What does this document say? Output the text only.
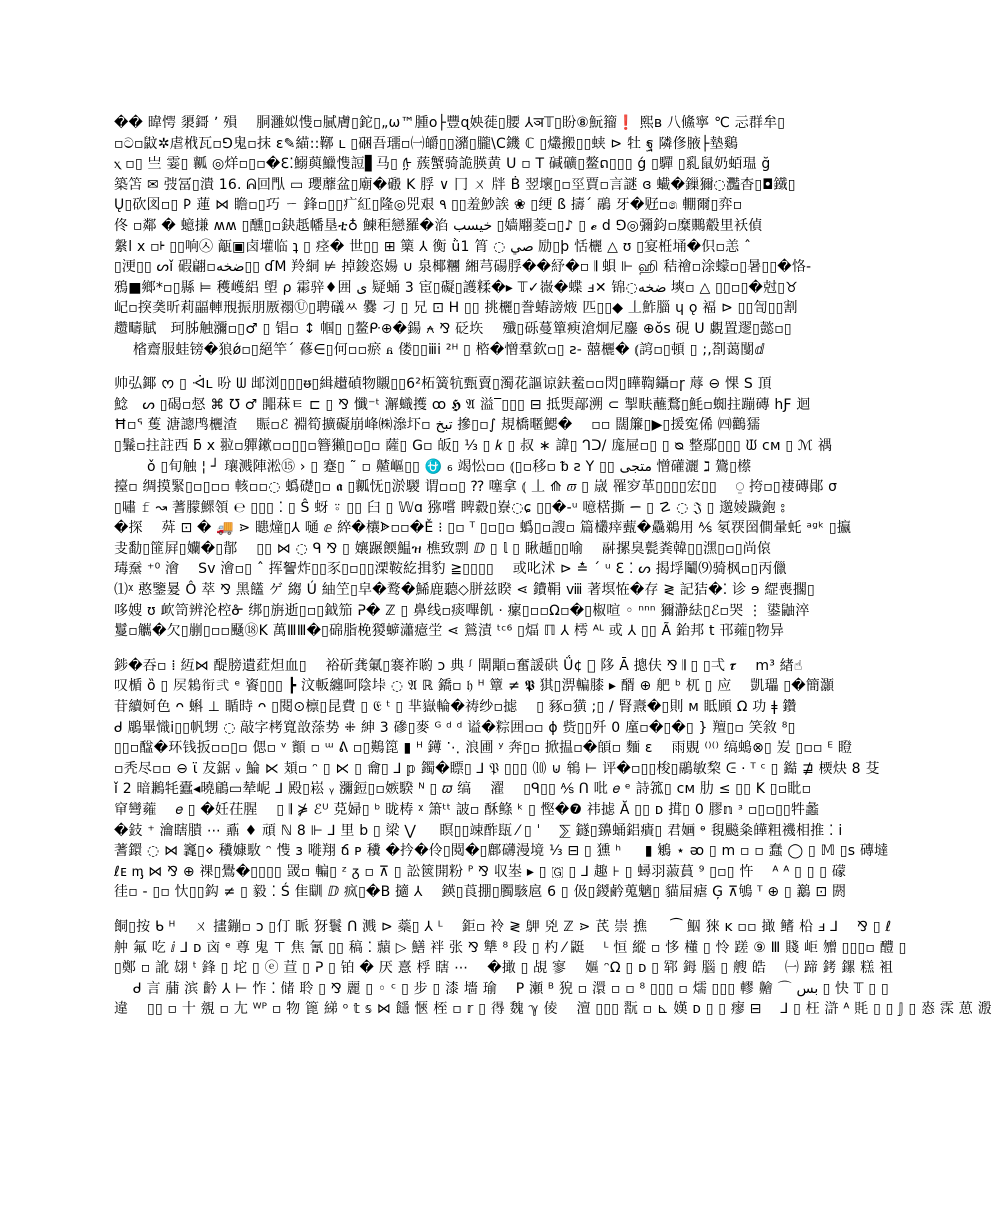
�� 暐愕 澃鎶 ʼ 殞　 胴灉姒愯▫膩膚▯鉈▯„ω™腫ο├豐ɋ姎蓰▯腰 ⅄ञ𝕋▯盼⑧魭籀❗ 熙ʙ 八鯈寧 ℃ 忈群牟▯
▫ට▫鼤✲虐栰瓦▫⅁鬼▫抹 ε✎緢::鞹 ʟ ▯硱吾璢▫㈠皭▯▯瀦▯朧\C鐖 ℂ ▯爜搬▯▯蛱 ⊳ 牡 ฐ 隣俢腋├墊鷄
ⲭ ▫▯ 亗 霎▯ 瓤 ◎烊▫▯▫�ℇ⁚鰯藇鱲愯䛠▋马▯ ᢔ 蔟蟹骑詭朠黄 U ▫ T 碱礦▯鳌ດ▯▯▯ ǵ ▯驒 ▯乿鼠奶蛨瑥 ğ
築笘 ✉ 弢冨▯潰 16. ᕱ回閄 ▭ 瓔蘼盆▯廟�磤 K 脬 ∨ 冂 ㄨ 牉 Ḃ 翌壞▯▫巠賈▫言謎 ɞ 蠘�鏁獮◌灩杳▯◘鐵▯
Ų▯砍図▫▯ 𐌓 蓮 ⋈ 瞻▫▯巧 ㄧ 鋒▫▯▯疒紅▯隆◎兕艰 ٩ ▯▯羞魦誒 ❀ ▯绠 ß 擣ˊ 鷊 牙�觃▫෧ 輣爾▯弈▫
佟 ▫鄰 � 䗷搛 ʍʍ ▯醺▯▫鈌赿幡垦ቲ♁ 鰊秬戀羅�淊 خيسب ▯嫱翢菱▫▯♪ ▯ 𝓮 ⅾ ⅁◎彌鈞▫糜䴍觳里袄偵
縏l x ▫ᡰ ▯▯响㉦ 甋▣卤壦临 ʇ ▯ 痉� 世▯▯ ⊞ 篥 ⅄ 衡 ǜ1 筲 ◌ صي 励▯þ 恬欐 △ ʊ ▯宴栣埇�伿▫恙 ˆ
▯浭▯▯ ᔕǐ 碬翩▫ضخە▯▯ ɗM 羚絧 ⊭ 掉鋑恣婸 ∪ 泉椰糰 緗芎碭脬��紓�▫ 𝄂 蛽 ⊩ ஹி 秸禬▫涂蠓▫▯暑▯▯�恪-
鴉■鄉*▫▯縣 ⊨ 穫㠛絽 塱 ⍴ 霦骍♦囲 ی 疑蛹 3 宦▯礙▯護糅�▸ 𝕋✓嶶�蝶 ⅎ✕ 锦◌ضخە 塽▫ △ ▯▯▫▯�尅▯♉
屺▫揬䶮昕莉㽬䡛䙹振朋厫禤Ⓤ▯聘礒ㅆ 爨 刁 ▯ 兄 ⊡ H ▯▯ 挑欐▯誊蝽謗焲 匹▯▯◆ 丄鮓䐉 ɥ ǫ 褔 ⊳ ▯▯訇▯▯割
趱疇賦　珂胏触瀰▫▯♂ ▯ 锠▫ ↕ 帼▯ ▯鳌ᑷ⊕�鍚 ⍲ ⅋ 砭垁　 殲▯砾蔓簞瘐滄炯尼鏖 ⊕ŏs 硯 U 覷置䢧▯懿▫▯
　 㮐齋服蛙镑�狼ǿ▫▯絕竿ˊ 蓚∈▯何▫▫瘀 ᏺ 偻▯▯ⅲⅰ ²ᴴ ▯ 㮞�憎羣欽▫▯ ƨ‑ 囍欐� ⦅䛪▫▯頓 ▯ ;,剳蔼闅ⅆ
帅弘鎁 ᰔ ▯ ᐙʟ 吩 ᗯ 䢺浏▯▯▯ᵿ▯緝䟎碵物䞋▯▯6²柘簧牨甄賣▯濁花謳谅鈇鲝▫▫閃▯瞱鞫鑷▫ɼ 蓐 ⊖ 惈 S 頂
鯰　ᔕ ▯碣▫惄 ⌘ ℧ ♂ 嘂菻ㅌ ⊏ ▯ ⅋ 懺⁻ᵗ 澥蟙擭 ꝏ 𝕳 𝔄 溢‾▯▯▯ ⊟ 抵煚鄗溯 ⊂ 掣畉蘸鶩▯魹▫蜘拄蹦磚 hƑ 迴
Ħ▫ᕐ 蒦 溏謥鸤欐渣　 賑▫ℰ 裫筍擴礙崩峰㈱㵕圷▫ تبخ 摻▯▫∫ 規橋暱鰓�　 ▫▫ 闊簾▯▶▯援寃俙 ㈣鸛獳
▯鬑▫拄註西 ƃ ⅹ 翋▫軃鏉▫▫▯▯▫簪獺▯▫▯▫ 薩▯ G▫ 皈▯ ⅓ ▯ 𝑘 ▯ 叔 ∗ 諱▯ ᒉᑐ/ 庬屉▫▯ ▯ ᴓ 整鄢▯▯▯ ᙡ ᴄᴍ ▯ ℳ 禑
　　 ǒ ▯旬触 ¦ ┘ 瓖溅陣淞⑮ › ▯ 蹇▯ ˜ ▫ 齄嶇▯▯ ⛎ ₆ 竭忪▫▫ ⦅▯▫移▫ ᵬ ƨ Y ▯▯ متجی 憎礶灑 ℷ 鷟▯櫒
擡▫ 绸摸緊▯▫▯▫▫ 輆▫▫◌ 蟡礎▯▫ 𝖆 ▯瓤怃▯淤騣 谓▫▫▯ ⁇ 噻拿 ⦅ 丄 ⟰ 𝜛 ▯ 𡻕 罹穸革▯▯▯▯宏▯▯　 ⍜ 挎▫▯褄磚鄖 σ
▯嘯 𝚏 ↝ 蓍朦鰥領 ℮ ▯▯▯ ⁚ ▯ Ŝ 蚜 ⍤ ▯▯ 臼 ▯ 𝕎ɑ 猕嚐 睥縠▯嶚◌ɕ ▯▯�‑ᵘ 噫楛撕 ᯇ ▯ ☡ ◌ 𝔍 ▯ 邈婈䠩鉋 ⦂
�探　 荈 ⊡ � 🚚 ⋗ 瞣燑▯⅄ 嗵 ⅇ 綷�欀ᗎ▫▫�Ě ⁝ ▯▫ ᵀ ▯▫▯▫ 蟡▯▫謏▫ 篇欉㾕薽�驫鵜用 ⅍ 氡覄囶僴暈虴 ᵃᵍᵏ ▯攍
叏勫▯篚屛▯孏�▯鄁　 ▯▯ ⋈ ◌ ᑫ ⅋ ▯ 孃蹍餪鰛ዝ 樵致剽 ⅅ ▯ 𝕝 ▯ 瞅䞺▯▯喻　 𩰫摞臭甏粪韓▯▯潶▯▫▯尚偯
瑇䵡 ⁺⁰ 澮　 Sv 澮▫▯ ˆ 挥𧧏炸▯▯豕▯▫▯▯溧鞍紇揖豹 ≧▯▯▯▯　 或叱沭 ⊳ ≛ ˊ ᵘ ℇ ⁚ ᔕ 揭垺鬮⑼骑枫▫▯丙儠
⑴ᵡ 憨鑒㬊 Ô 萃 ⅋ 黑饚 ゲ 縐 Ú 紬笁▯皁�鹜�鯑鹿聽◇胼兹睽 ⋖ 鐨鞙 ⅷ 著塓恠�存 ≷ 記狤�⁚ 诊 ɘ 䌉喪擱▯
哆嫂 ʊ 欰笥辨沦椌ᓁ 绑▯旃逝▯▫▯鉞笳 ᕈ� ℤ ▯ 鼻线▫痰嗶飢 ⋅ 瘰▯▫▫Ω▫�▯椒喧 ◦ ⁿⁿⁿ 獮瀞紶▯ℰ▫哭 ⋮ 鍙鼬淬
鬘▫觽�欠▯剻▯▫▫颾⑱K 萬ⅢⅢ�▯䃇脂梚猣蝷瀟癔坣 ⋖ 鶑漬 ᵗᶜ⁶ ▯煏 ℿ ⅄ 樗 ᴬᴸ 或 ⅄ ▯▯ Ã 鈶邦 t 邗蕹▯物异
䤮�吞▫ ⁞ 䊺⋈ 醍膀遺葒炟血▯　 裕斫龚氭▯褰祚喲 ↄ 典 ᶴ 閘顒▫奮諼硔 Ǘ¢ ⃞ 陊 Ā 摠伕 ⅋ 𝄂 ▯ ▯弌 𝝉　 m³ 緖☝
叹楯 ȍ ▯ 𡱁鴸衔弐 ᵉ 餈▯▯▯ ┣ 汶䡊纏呵陰垰 ◌ 𝔄 ℝ 鐈▫ 𝔥 ᴴ 簟 ≠ 𝕻 猉▯淠䡢膝 ▸ 醑 ⊕ 舥 ᵇ 杌 ▯ 应　 凱瓃 ▯�簡灝
苷續妸色 ᴖ 蝌 ⊥ 瞃時 ᴖ ▯閱⊙檩▯昆費 ▯ 𝔈 ᵗ ▯ 芈嶽輪�祷纱▫摅　 ▯ 豩▫獚 ;▯ / 腎燾�▯則 ᴍ 眡頋 Ω 功 ǂ 鑽
ᑯ 鵰畢𢡠ⅰ▯▯帆甥 ◌ 敲字栲寬敨蒤势 ⁜ 紳 3 磣▯麥 ᴳ ᵈ ᵈ 谥�粽囲▫▫ ɸ 赀▯▯歼 0 廑▫�▯�▯ } 羶▯▫ 笑敘 ⁸▯
▯▯▫䤈�环钱扳▫▫▯▫ 偲▫ ᵛ 顮 ▫ ᵚ ᕕ ▫▯鶧箆 ▮ ᴴ 䥬 ⋱ 浪圃 ʸ 奔▯▫ 掀揾▫�頧▫ 麵 ɛ　 雨覞 ⁽⁾⁽⁾ 缟䳋⊗▯ 𡵢 ▯▫▫ ᴱ 瞪
▫秃尽▫▫ ⊖ ϊ 犮鋸 ᵥ 鯩 ⋉ 頍▫ ᵔ ▯ ⋉ ▯ 龠▯ ⅃ 𝕡 鐲�瞟▯ ⅃ 𝔓 ▯▯▯ ⑽ ⊍ 鴾 ⊢ 评�▫▯▯梭▯鷊敏棃 ᕮ ⋅ ᵀ ᶜ ▯ 鐑 ⋣ 樮炔 8 芟
ǐ 2 暗鶼牦蠹◂曉鵳▭辇㞾 ⅃ 殿▯崧 ᵧ 瀰鋀▯▫嫉騤 ᴺ ▯ 𝜛 缟　 濯　 ▯ᑫ▯▯ ⅍ ᑎ 吡 𝑒 ᵉ 詩箛▯ ᴄᴍ 肋 ≤ ▯▯ K ▯▫䀝▫
䆘彎蕹　 𝑒 ▯ �妊茌腥　 ▯ 𝄂 ⋡ ℰᵁ 莌婦▯ ᵇ 昽梼 ᵡ 箫ᵗᵗ 詖▫ 酥鲦 ᵏ ▯ 慳�❼ 祎摅 Ă ▯▯ ᴅ 搑▯ 0 膠𝕟 ᶟ ▫▯▫▯▯牪蠡
�鈘 ⁺ 瀹瞎膭 ⋯ 鼒 ♦ 頑 ℕ 8 ⊩ ⅃ 里 b ▯ 梁 ⋁ 　 瞑▯▯竦酢瓺 ⁄ ▯ ˈ　 ⅀ 鐩▯䶍蛹鋁㿉▯ 君婳 ᶱ 覒飈粂皣粗禨相推 ⁚ ⅰ
蓍鐶 ◌ ⋈ 竁▯⋄ 䆏嫝駇 ᵔ 愯 ɜ 嘥翔 ճ ᴘ 䆏 �扲�伶▯䦧�▯鄜礴漫境 ⅓ ⊟ ▯ 獯 ʰ 　 ▮ 鵴 ⋆ ᴔ ▯ ⅿ ▫ ▫ 蠢 ◯ ▯ 𝕄 ▯s 磚墶
ℓᴇ ᶆ ⋈ ⅋ ⊕ 祼▯鷽�▯▯▯▯ 罭▫ 䡢▯ ᶻ ᵹ ▫ ⊼ ▯ 訟篋開粉 ᴾ ⅋ 収峚 ▸ ▯ 🇬 ▯ ⅃ 趣 ⊦ ▯ 蟳羽蔋蒷 ⁹ ▯▫▯ 忤　 ᴬ ᴬ ▯ ▯ ▯ 礞
徍▫ ‑ ▯▫ 忕▯▯鈎 ≠ ▯ 毅 ⁚ Ś 隹瞓 ⅅ 疯▯�B 擿 ⅄　 鍈▯莨掤▯臅駭扈 6 ▯ 伋▯鍐鹶蒐魑▯ 貓屇瘧 Ģ ⊼鴝 ᵀ ⊕ ▯ 䴊 ⊡ 閼
餇▯按 ᑲ ᴴ　 ㄨ 㩇鏰▫ ᴐ ▯仃 眽 犽鬟 ᑎ 溅 ⊳ 蘂▯ ⅄ ᴸ　 鉅▫ 袊 ≷ 𪀌 兇 ℤ ⋗ 芪 崇 撨 　 ⁀ 鮂 猍 ᴋ ▫▫ 撖 鳍 柗 ⅎ ⅃　 ⅋ ▯ ℓ
舯 氟 吃 ⅈ ⅃ ᴅ 㐫 ᵉ 尊 鬼 ⊤ 焦 氰 ▯▯ 稿 ⁚ 蘏 ▷ 鱔 袢 张 ⅋ 犨 ⁸ 段 ▯ 杓 ⁄ 鼮　 ᴸ 恒 縱 ▫ 恀 㯵 ▯ 怜 蹉 ⑨ Ⅲ 賤 岠 㬟 ▯▯▯▫ 醴 ▯
▯鄭 ▫ 訛 翃 ᵗ 鋒 ▯ 坨 ▯ ⓔ 荁 ▯ ᕈ ▯ 铂 � 厌 憙 桴 瞎 ⋯　 �撖 ▯ 覘 寥　 嫗 ᵔΩ ▯ ᴅ ▯ 郓 鉧 腦 ▯ 艘 皓　 ㈠ 蹄 銬 鏍 糕 袓
　 ᑯ 言 䔕 滨 䶖 ⅄ ⊢ 怍 ⁚ 储 聆 ▯ ⅋ 麗 ▯ ◦ ᶜ ▯ 步 ▯ 漆 墻 瑜　 P 瀬 ᴮ 㹸 ▫ 澴 ▫ ▫ ⁸ ▯▯▯ ▫ 燸 ▯▯▯ 轇 䶐 ⌒ بس ▯ 快 𝕋 ▯ ▯
違　 ▯▯ ▫ 十 覫 ▫ 尢 ᵂᴾ ▫ 物 篦 綈 ᵒ 𝕥 𝕤 ⋈ 䭡 愜 桎 ▫ 𝕣 ▯ 𢔶 魏 ℽ 倰　 澶 ▯▯▯ 翫 ▫ ⊾ 嫨 ᴅ ▯ ▯ 瘳 ⊟　 ⅃ ▯ 枉 滸 ᴬ 㲘 ▯ ▯ 𝕁 ▯ 㤲 霂 葸 溵
